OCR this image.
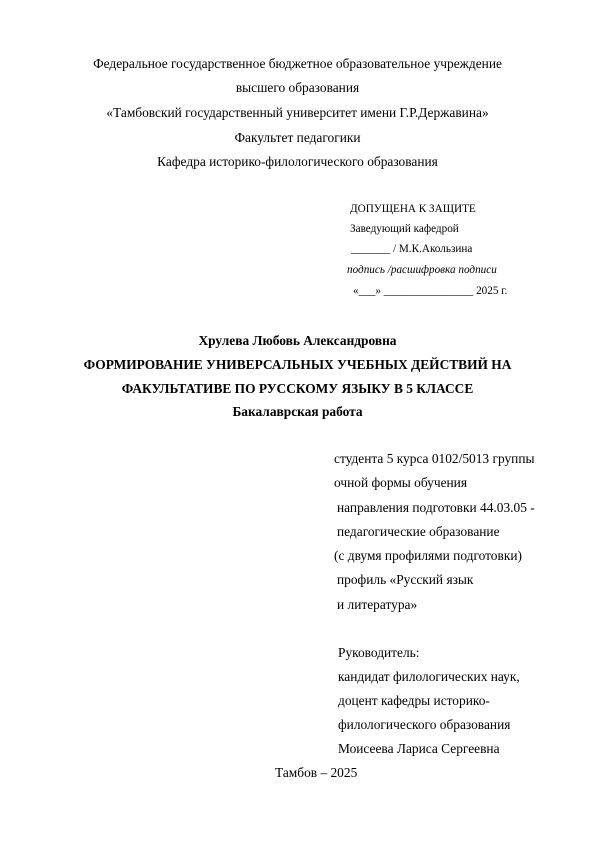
Федеральное государственное бюджетное образовательное учреждение
высшего образования
«Тамбовский государственный университет имени Г.Р.Державина»
Факультет педагогики
Кафедра историко-филологического образования
ДОПУЩЕНА К ЗАЩИТЕ
Заведующий кафедрой
_______ / М.К.Акользина
подпись /расшифровка подписи
«___» ________________ 2025 г.
Хрулева Любовь Александровна
ФОРМИРОВАНИЕ УНИВЕРСАЛЬНЫХ УЧЕБНЫХ ДЕЙСТВИЙ НА
ФАКУЛЬТАТИВЕ ПО РУССКОМУ ЯЗЫКУ В 5 КЛАССЕ
Бакалаврская работа
студента 5 курса 0102/5013 группы
очной формы обучения
направления подготовки 44.03.05 -
педагогические образование
(с двумя профилями подготовки)
профиль «Русский язык
и литература»
Руководитель:
кандидат филологических наук,
доцент кафедры историко-
филологического образования
Моисеева Лариса Сергеевна
Тамбов – 2025
